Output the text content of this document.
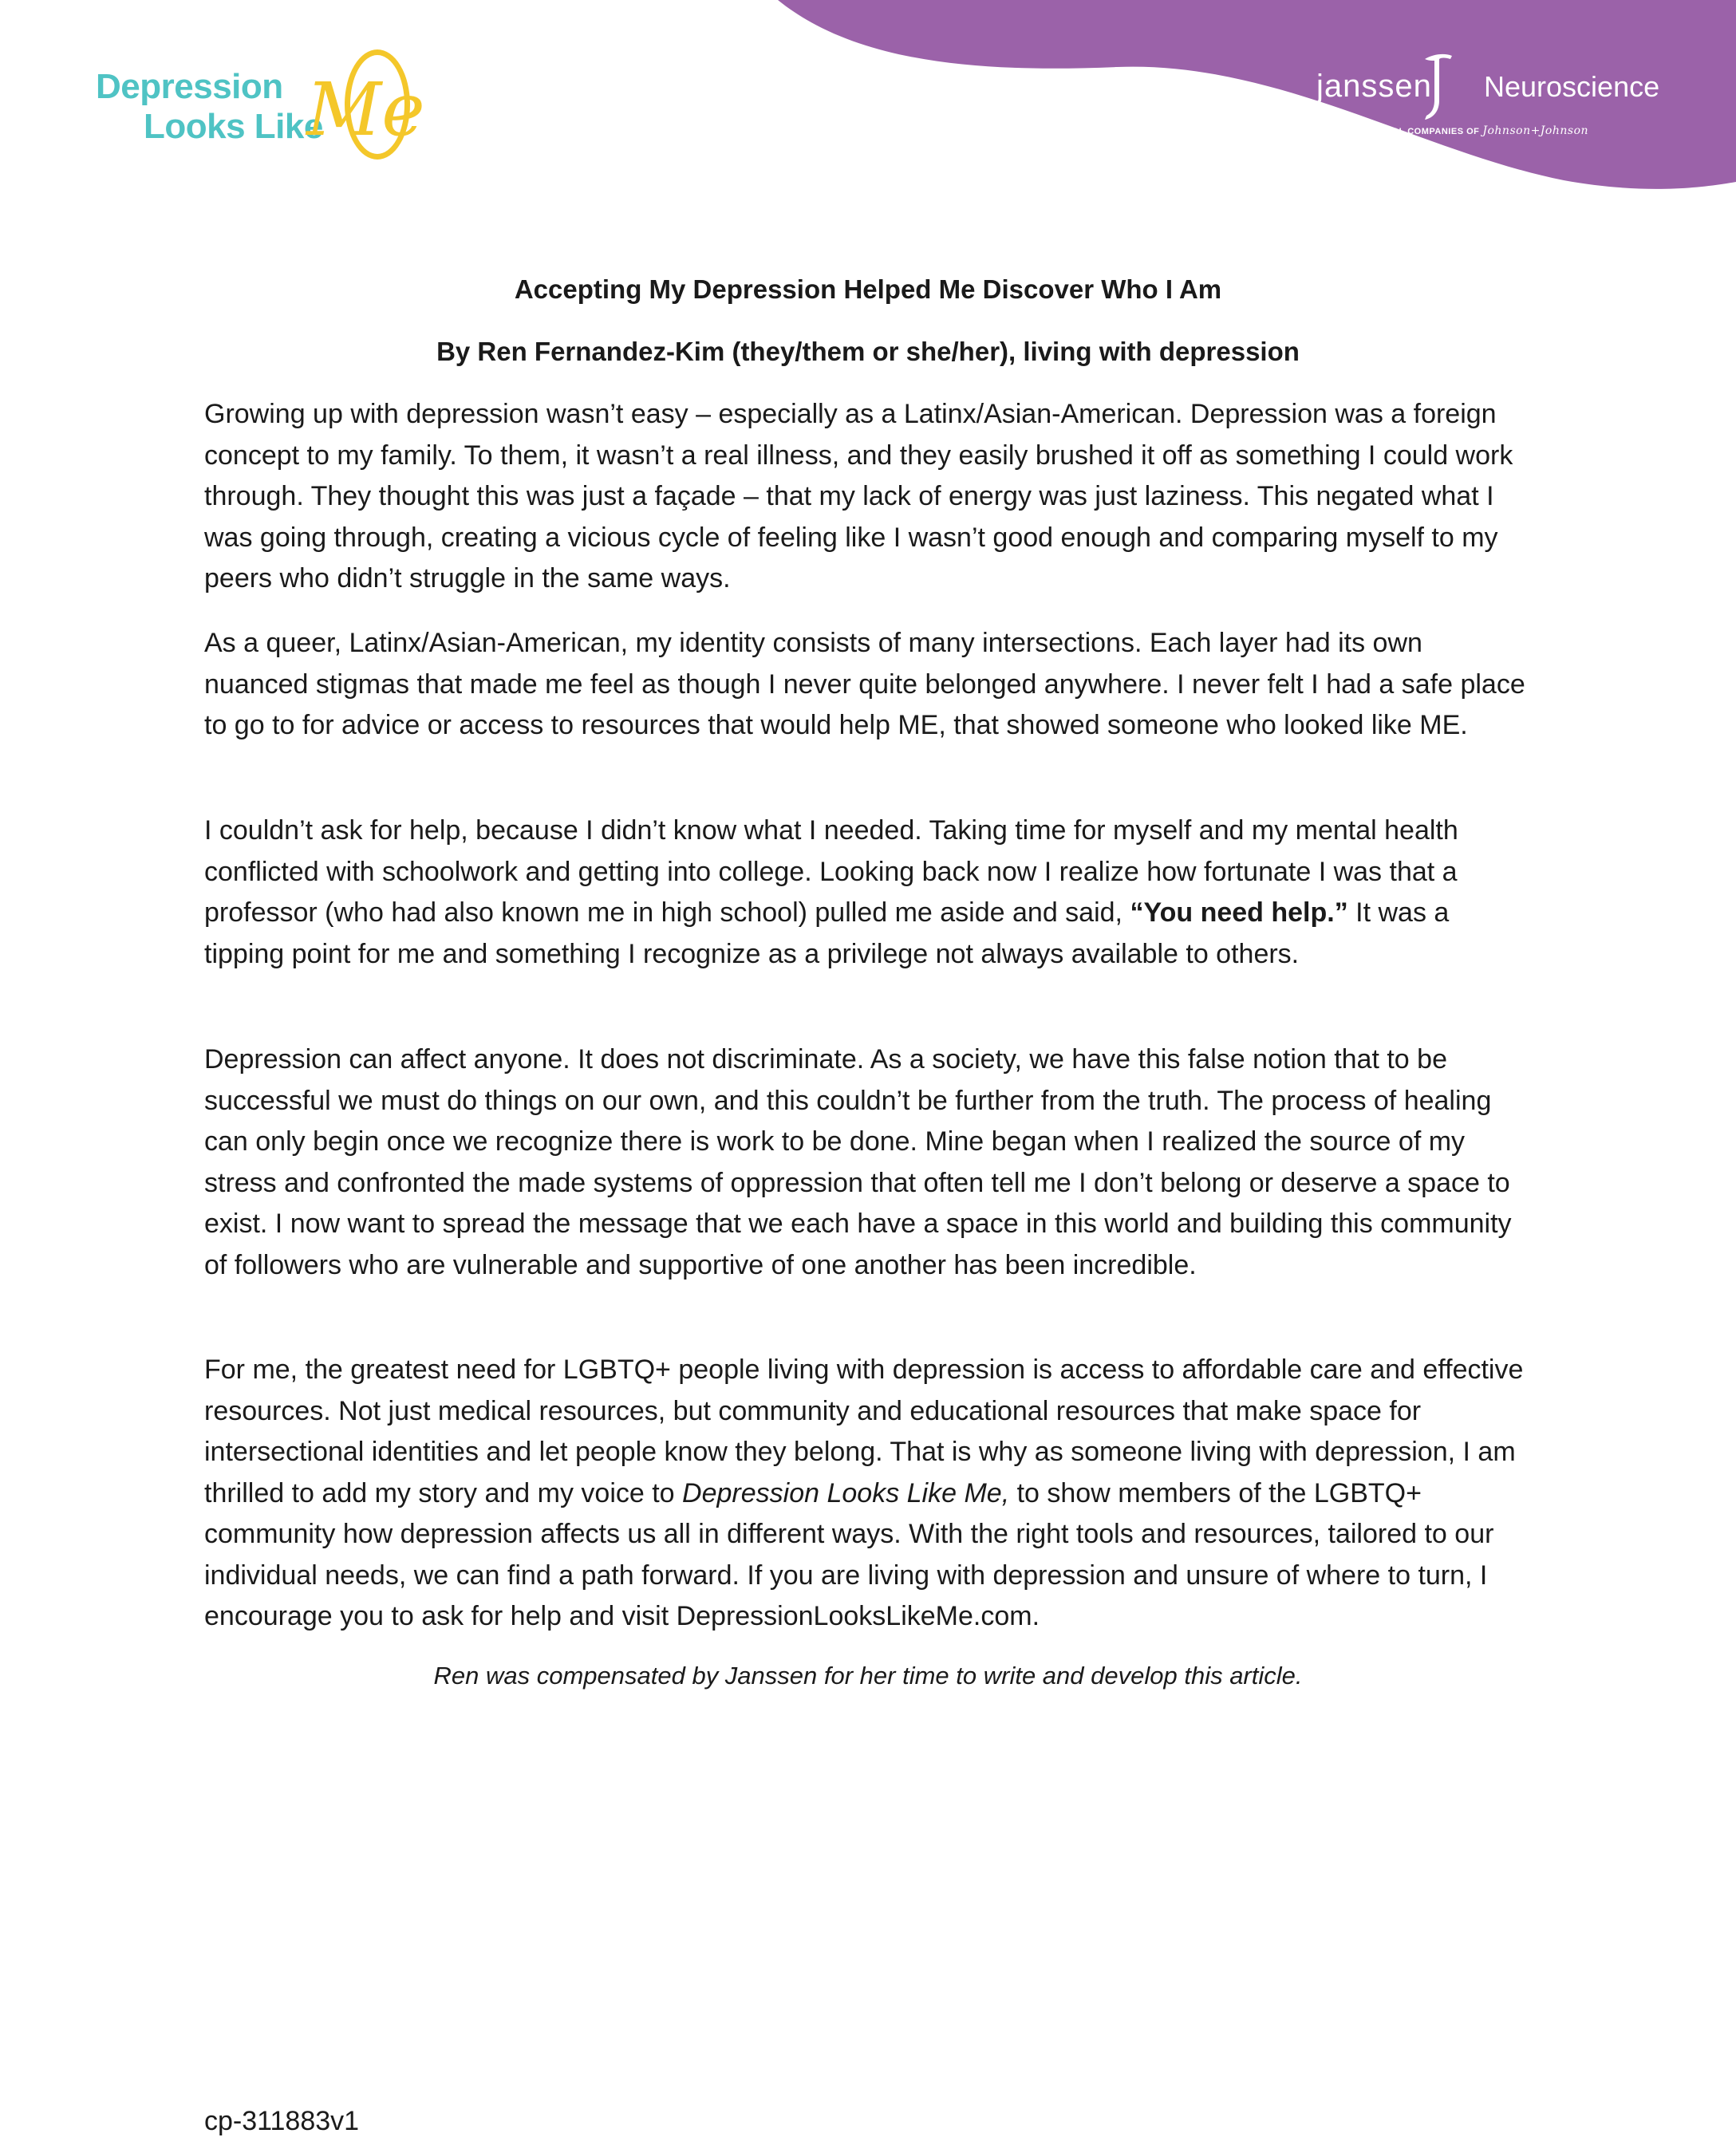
Depression
Looks Like
Me	janssen Neuroscience
PHARMACEUTICAL COMPANIES OF Johnson+Johnson
Accepting My Depression Helped Me Discover Who I Am
By Ren Fernandez-Kim (they/them or she/her), living with depression

Growing up with depression wasn’t easy – especially as a Latinx/Asian-American. Depression was a foreign concept to my family. To them, it wasn’t a real illness, and they easily brushed it off as something I could work through. They thought this was just a façade – that my lack of energy was just laziness. This negated what I was going through, creating a vicious cycle of feeling like I wasn’t good enough and comparing myself to my peers who didn’t struggle in the same ways.

As a queer, Latinx/Asian-American, my identity consists of many intersections. Each layer had its own nuanced stigmas that made me feel as though I never quite belonged anywhere. I never felt I had a safe place to go to for advice or access to resources that would help ME, that showed someone who looked like ME.

I couldn’t ask for help, because I didn’t know what I needed. Taking time for myself and my mental health conflicted with schoolwork and getting into college. Looking back now I realize how fortunate I was that a professor (who had also known me in high school) pulled me aside and said, “You need help.” It was a tipping point for me and something I recognize as a privilege not always available to others.

Depression can affect anyone. It does not discriminate. As a society, we have this false notion that to be successful we must do things on our own, and this couldn’t be further from the truth. The process of healing can only begin once we recognize there is work to be done. Mine began when I realized the source of my stress and confronted the made systems of oppression that often tell me I don’t belong or deserve a space to exist. I now want to spread the message that we each have a space in this world and building this community of followers who are vulnerable and supportive of one another has been incredible.

For me, the greatest need for LGBTQ+ people living with depression is access to affordable care and effective resources. Not just medical resources, but community and educational resources that make space for intersectional identities and let people know they belong. That is why as someone living with depression, I am thrilled to add my story and my voice to Depression Looks Like Me, to show members of the LGBTQ+ community how depression affects us all in different ways. With the right tools and resources, tailored to our individual needs, we can find a path forward. If you are living with depression and unsure of where to turn, I encourage you to ask for help and visit DepressionLooksLikeMe.com.

Ren was compensated by Janssen for her time to write and develop this article.
cp-311883v1
